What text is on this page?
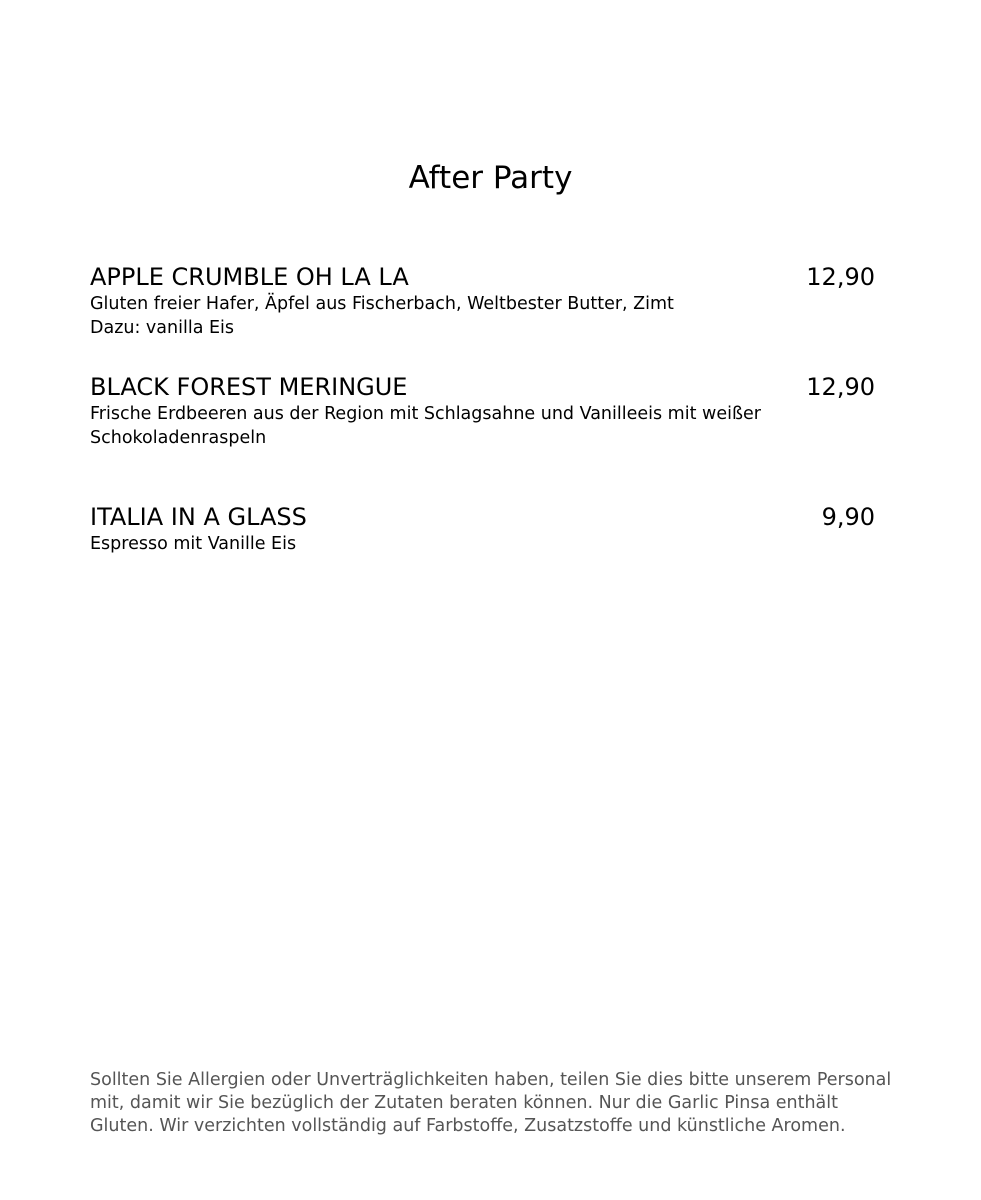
After Party
APPLE CRUMBLE OH LA LA	12,90
Gluten freier Hafer, Äpfel aus Fischerbach, Weltbester Butter, Zimt
Dazu: vanilla Eis
BLACK FOREST MERINGUE	12,90
Frische Erdbeeren aus der Region mit Schlagsahne und Vanilleeis mit weißer
Schokoladenraspeln
ITALIA IN A GLASS	9,90
Espresso mit Vanille Eis
Sollten Sie Allergien oder Unverträglichkeiten haben, teilen Sie dies bitte unserem Personal
mit, damit wir Sie bezüglich der Zutaten beraten können. Nur die Garlic Pinsa enthält
Gluten. Wir verzichten vollständig auf Farbstoffe, Zusatzstoffe und künstliche Aromen.
